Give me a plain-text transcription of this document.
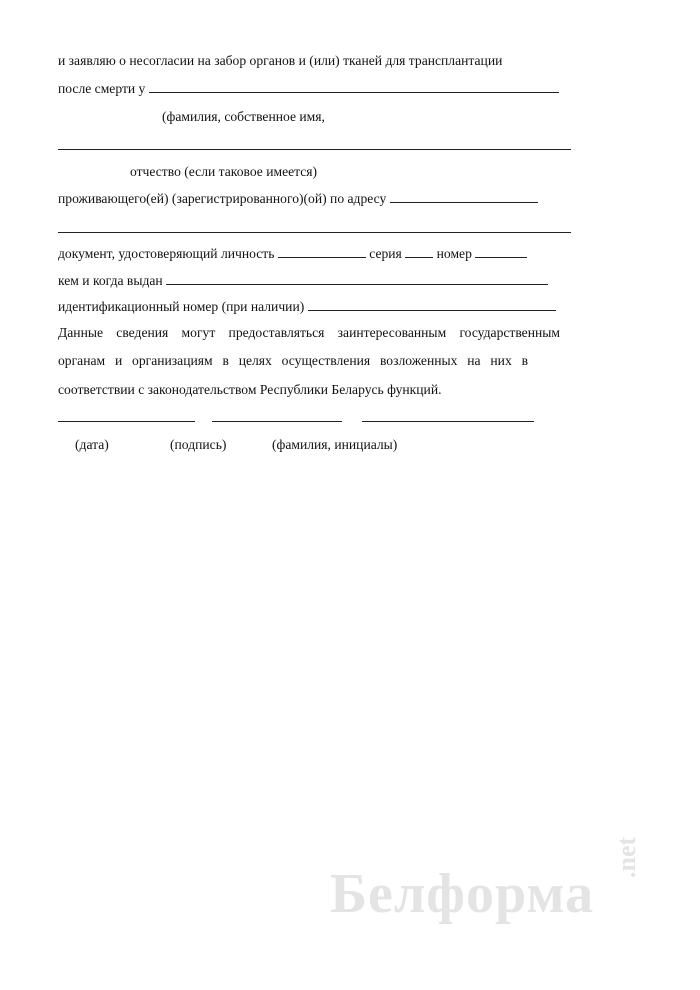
и заявляю о несогласии на забор органов и (или) тканей для трансплантации
после смерти у
(фамилия, собственное имя,
отчество (если таковое имеется)
проживающего(ей) (зарегистрированного)(ой) по адресу
документ, удостоверяющий личность	серия	номер
кем и когда выдан
идентификационный номер (при наличии)
Данные сведения могут предоставляться заинтересованным государственным
органам и организациям в целях осуществления возложенных на них в
соответствии с законодательством Республики Беларусь функций.
(дата)	(подпись)	(фамилия, инициалы)
Белформа
.net
